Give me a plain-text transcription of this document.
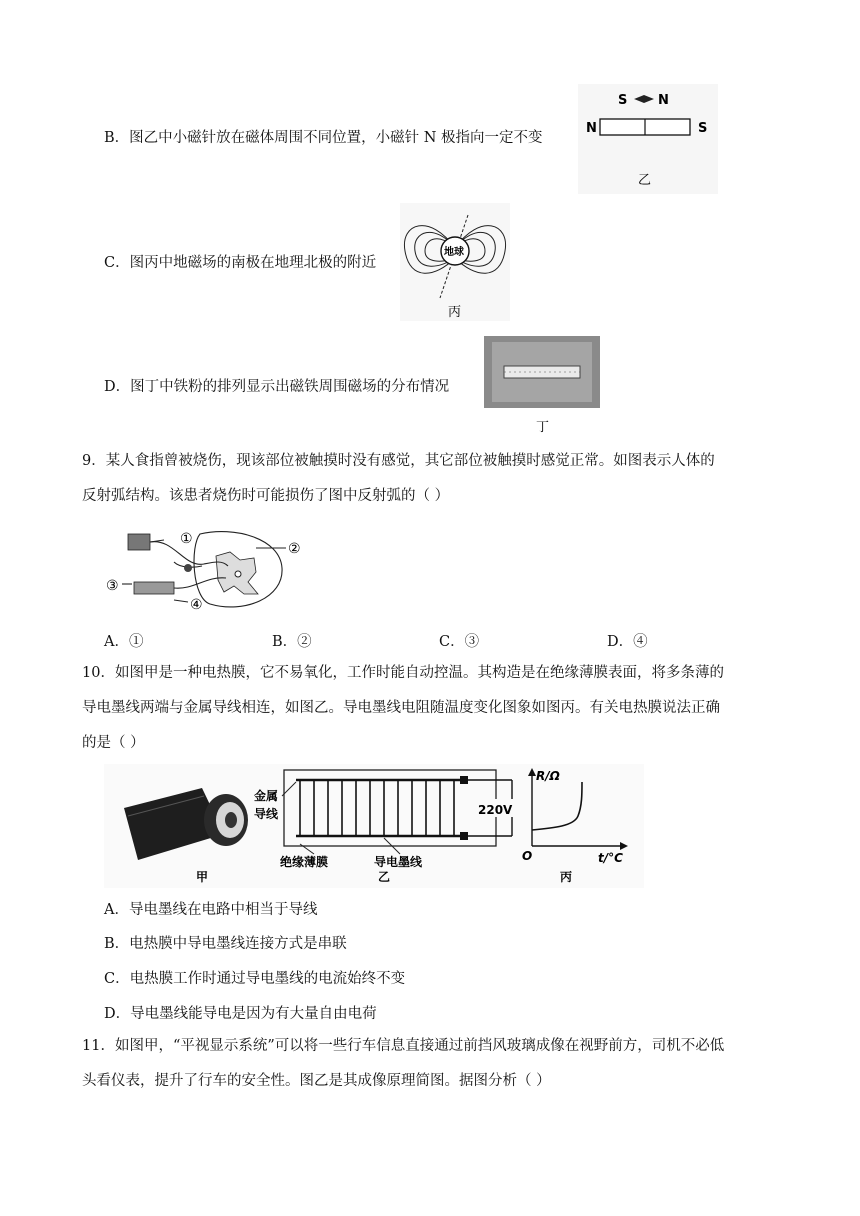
B．图乙中小磁针放在磁体周围不同位置，小磁针 N 极指向一定不变
S N
N	S
乙
C．图丙中地磁场的南极在地理北极的附近
地球
丙
D．图丁中铁粉的排列显示出磁铁周围磁场的分布情况
丁
9．某人食指曾被烧伤，现该部位被触摸时没有感觉，其它部位被触摸时感觉正常。如图表示人体的
反射弧结构。该患者烧伤时可能损伤了图中反射弧的（ ）
①
②
③
④
A．①	B．②	C．③	D．④
10．如图甲是一种电热膜，它不易氧化，工作时能自动控温。其构造是在绝缘薄膜表面，将多条薄的
导电墨线两端与金属导线相连，如图乙。导电墨线电阻随温度变化图象如图丙。有关电热膜说法正确
的是（ ）
甲
220V
金属
导线
绝缘薄膜	导电墨线
乙
R/Ω
O	t/°C
丙
A．导电墨线在电路中相当于导线
B．电热膜中导电墨线连接方式是串联
C．电热膜工作时通过导电墨线的电流始终不变
D．导电墨线能导电是因为有大量自由电荷
11．如图甲，“平视显示系统”可以将一些行车信息直接通过前挡风玻璃成像在视野前方，司机不必低
头看仪表，提升了行车的安全性。图乙是其成像原理简图。据图分析（ ）
